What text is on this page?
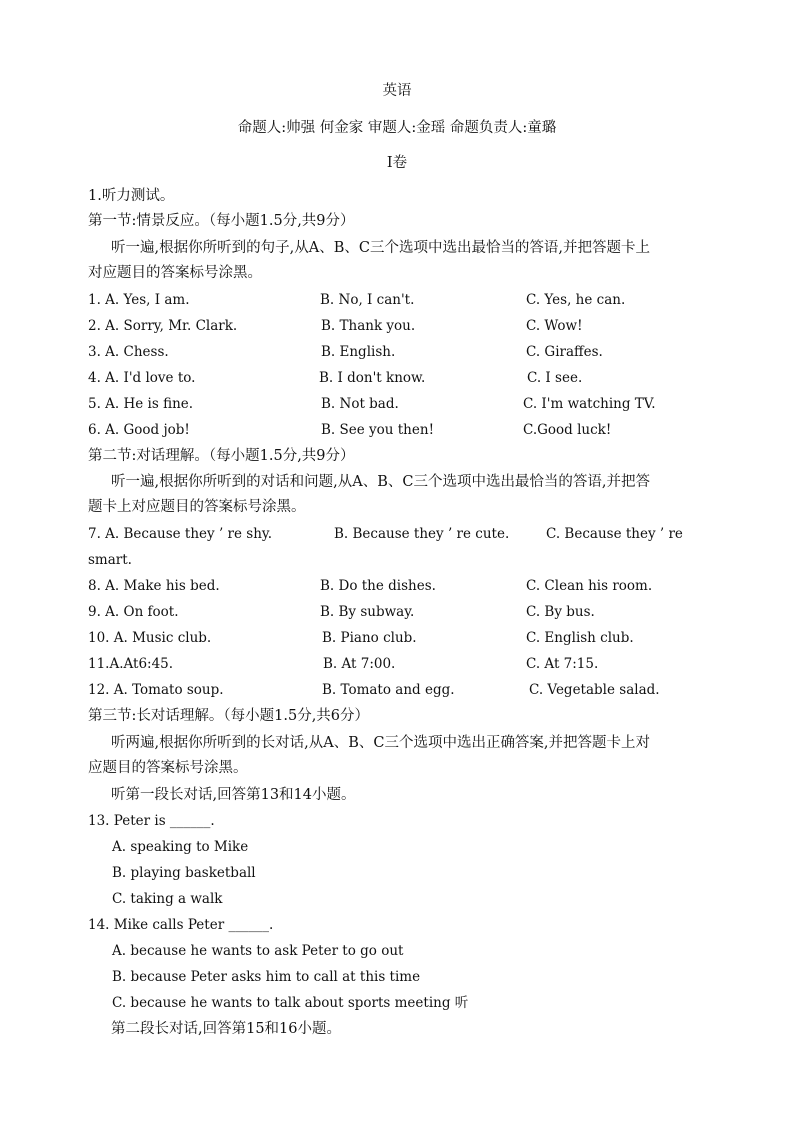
英语
命题人:帅强 何金家 审题人:金瑶 命题负责人:童璐
I卷
1.听力测试。
第一节:情景反应。（每小题1.5分,共9分）
听一遍,根据你所听到的句子,从A、B、C三个选项中选出最恰当的答语,并把答题卡上
对应题目的答案标号涂黑。
1. A. Yes, I am.	B. No, I can't.	C. Yes, he can.
2. A. Sorry, Mr. Clark.	B. Thank you.	C. Wow!
3. A. Chess.	B. English.	C. Giraffes.
4. A. I'd love to.	B. I don't know.	C. I see.
5. A. He is fine.	B. Not bad.	C. I'm watching TV.
6. A. Good job!	B. See you then!	C.Good luck!
第二节:对话理解。（每小题1.5分,共9分）
听一遍,根据你所听到的对话和问题,从A、B、C三个选项中选出最恰当的答语,并把答
题卡上对应题目的答案标号涂黑。
7. A. Because they ’ re shy.	B. Because they ’ re cute.	C. Because they ’ re
smart.
8. A. Make his bed.	B. Do the dishes.	C. Clean his room.
9. A. On foot.	B. By subway.	C. By bus.
10. A. Music club.	B. Piano club.	C. English club.
11.A.At6:45.	B. At 7:00.	C. At 7:15.
12. A. Tomato soup.	B. Tomato and egg.	C. Vegetable salad.
第三节:长对话理解。（每小题1.5分,共6分）
听两遍,根据你所听到的长对话,从A、B、C三个选项中选出正确答案,并把答题卡上对
应题目的答案标号涂黑。
听第一段长对话,回答第13和14小题。
13. Peter is ______.
A. speaking to Mike
B. playing basketball
C. taking a walk
14. Mike calls Peter ______.
A. because he wants to ask Peter to go out
B. because Peter asks him to call at this time
C. because he wants to talk about sports meeting 听
第二段长对话,回答第15和16小题。
